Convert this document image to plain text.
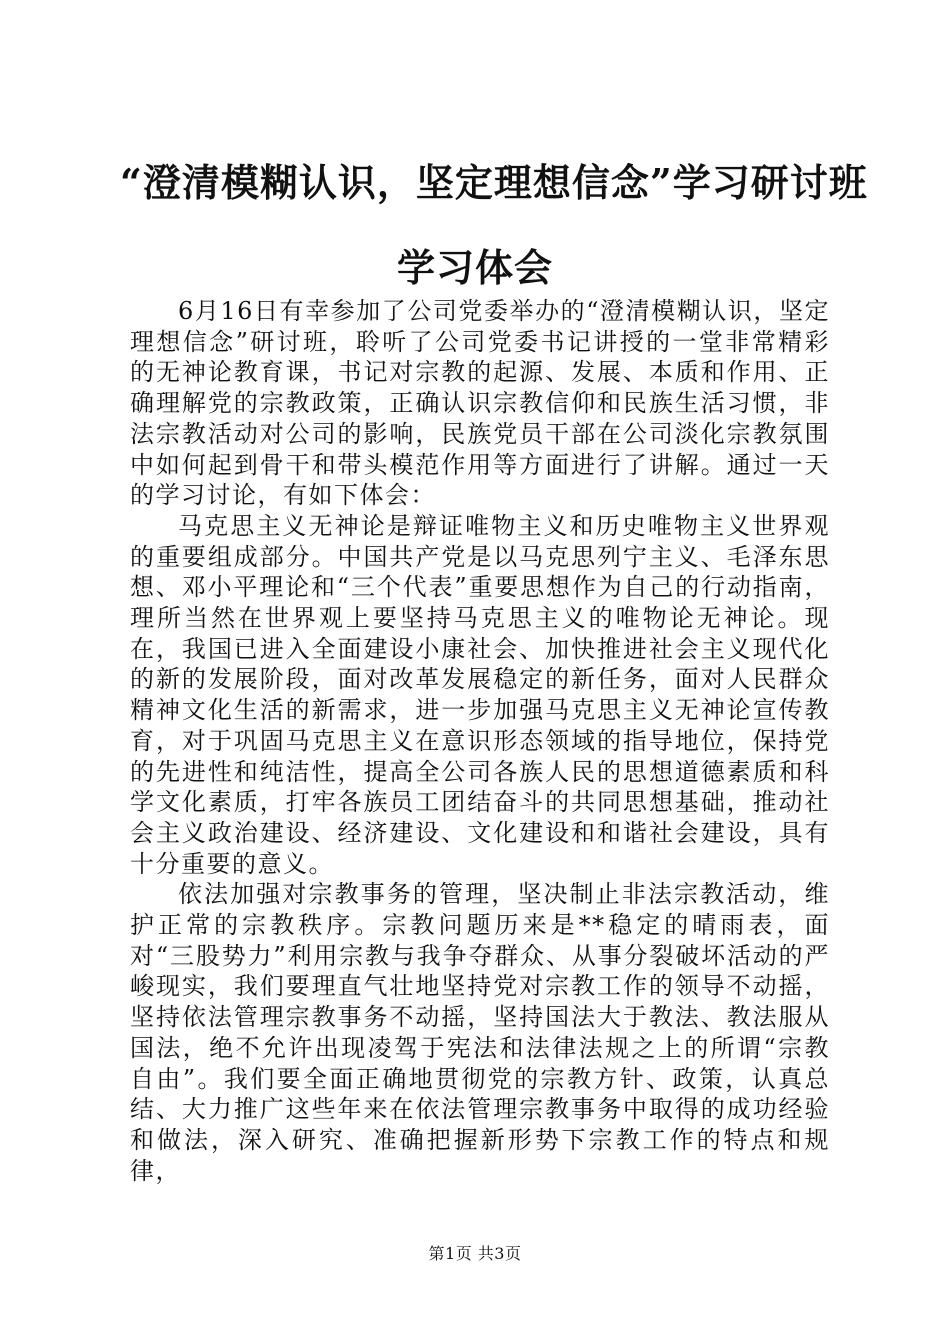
“澄清模糊认识，坚定理想信念”学习研讨班
学习体会

6月16日有幸参加了公司党委举办的“澄清模糊认识，坚定理想信念”研讨班，聆听了公司党委书记讲授的一堂非常精彩的无神论教育课，书记对宗教的起源、发展、本质和作用、正确理解党的宗教政策，正确认识宗教信仰和民族生活习惯，非法宗教活动对公司的影响，民族党员干部在公司淡化宗教氛围中如何起到骨干和带头模范作用等方面进行了讲解。通过一天的学习讨论，有如下体会：

马克思主义无神论是辩证唯物主义和历史唯物主义世界观的重要组成部分。中国共产党是以马克思列宁主义、毛泽东思想、邓小平理论和“三个代表”重要思想作为自己的行动指南，理所当然在世界观上要坚持马克思主义的唯物论无神论。现在，我国已进入全面建设小康社会、加快推进社会主义现代化的新的发展阶段，面对改革发展稳定的新任务，面对人民群众精神文化生活的新需求，进一步加强马克思主义无神论宣传教育，对于巩固马克思主义在意识形态领域的指导地位，保持党的先进性和纯洁性，提高全公司各族人民的思想道德素质和科学文化素质，打牢各族员工团结奋斗的共同思想基础，推动社会主义政治建设、经济建设、文化建设和和谐社会建设，具有十分重要的意义。

依法加强对宗教事务的管理，坚决制止非法宗教活动，维护正常的宗教秩序。宗教问题历来是**稳定的晴雨表，面对“三股势力”利用宗教与我争夺群众、从事分裂破坏活动的严峻现实，我们要理直气壮地坚持党对宗教工作的领导不动摇，坚持依法管理宗教事务不动摇，坚持国法大于教法、教法服从国法，绝不允许出现凌驾于宪法和法律法规之上的所谓“宗教自由”。我们要全面正确地贯彻党的宗教方针、政策，认真总结、大力推广这些年来在依法管理宗教事务中取得的成功经验和做法，深入研究、准确把握新形势下宗教工作的特点和规律，

第1页 共3页
